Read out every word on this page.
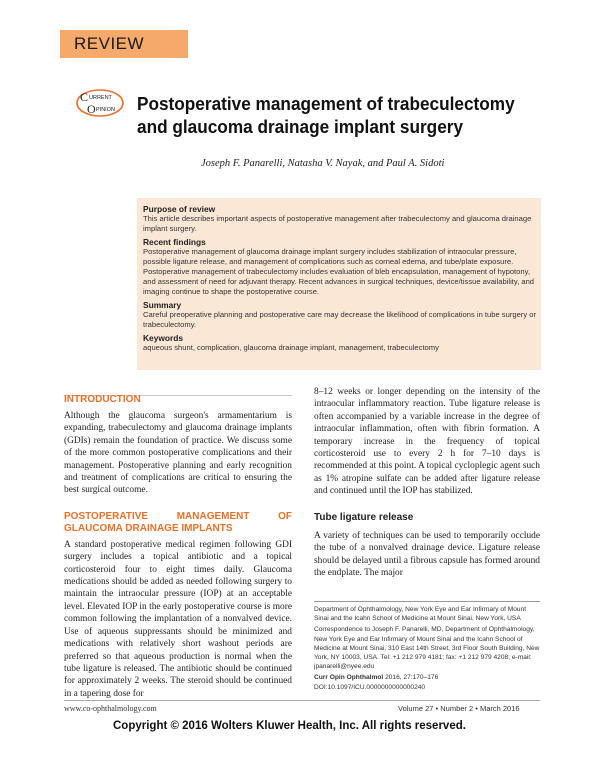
REVIEW
C URRENT
O PINION Postoperative management of trabeculectomy and glaucoma drainage implant surgery
Joseph F. Panarelli, Natasha V. Nayak, and Paul A. Sidoti
Purpose of review

This article describes important aspects of postoperative management after trabeculectomy and glaucoma drainage implant surgery.

Recent findings

Postoperative management of glaucoma drainage implant surgery includes stabilization of intraocular pressure, possible ligature release, and management of complications such as corneal edema, and tube/plate exposure. Postoperative management of trabeculectomy includes evaluation of bleb encapsulation, management of hypotony, and assessment of need for adjuvant therapy. Recent advances in surgical techniques, device/tissue availability, and imaging continue to shape the postoperative course.

Summary

Careful preoperative planning and postoperative care may decrease the likelihood of complications in tube surgery or trabeculectomy.

Keywords

aqueous shunt, complication, glaucoma drainage implant, management, trabeculectomy

INTRODUCTION

Although the glaucoma surgeon's armamentarium is expanding, trabeculectomy and glaucoma drainage implants (GDIs) remain the foundation of practice. We discuss some of the more common postoperative complications and their management. Postoperative planning and early recognition and treatment of complications are critical to ensuring the best surgical outcome.

POSTOPERATIVE MANAGEMENT OF GLAUCOMA DRAINAGE IMPLANTS

A standard postoperative medical regimen following GDI surgery includes a topical antibiotic and a topical corticosteroid four to eight times daily. Glaucoma medications should be added as needed following surgery to maintain the intraocular pressure (IOP) at an acceptable level. Elevated IOP in the early postoperative course is more common following the implantation of a nonvalved device. Use of aqueous suppressants should be minimized and medications with relatively short washout periods are preferred so that aqueous production is normal when the tube ligature is released. The antibiotic should be continued for approximately 2 weeks. The steroid should be continued in a tapering dose for

8–12 weeks or longer depending on the intensity of the intraocular inflammatory reaction. Tube ligature release is often accompanied by a variable increase in the degree of intraocular inflammation, often with fibrin formation. A temporary increase in the frequency of topical corticosteroid use to every 2 h for 7–10 days is recommended at this point. A topical cycloplegic agent such as 1% atropine sulfate can be added after ligature release and continued until the IOP has stabilized.

Tube ligature release

A variety of techniques can be used to temporarily occlude the tube of a nonvalved drainage device. Ligature release should be delayed until a fibrous capsule has formed around the endplate. The major

Department of Ophthalmology, New York Eye and Ear Infirmary of Mount Sinai and the Icahn School of Medicine at Mount Sinai, New York, USA

Correspondence to Joseph F. Panarelli, MD, Department of Ophthalmology, New York Eye and Ear Infirmary of Mount Sinai and the Icahn School of Medicine at Mount Sinai, 310 East 14th Street, 3rd Floor South Building, New York, NY 10003, USA. Tel: +1 212 979 4181; fax: +1 212 979 4208; e-mail: jpanarelli@nyee.edu

Curr Opin Ophthalmol 2016, 27:170–176

DOI:10.1097/ICU.0000000000000240

www.co-ophthalmology.com	Volume 27 • Number 2 • March 2016
Copyright © 2016 Wolters Kluwer Health, Inc. All rights reserved.
